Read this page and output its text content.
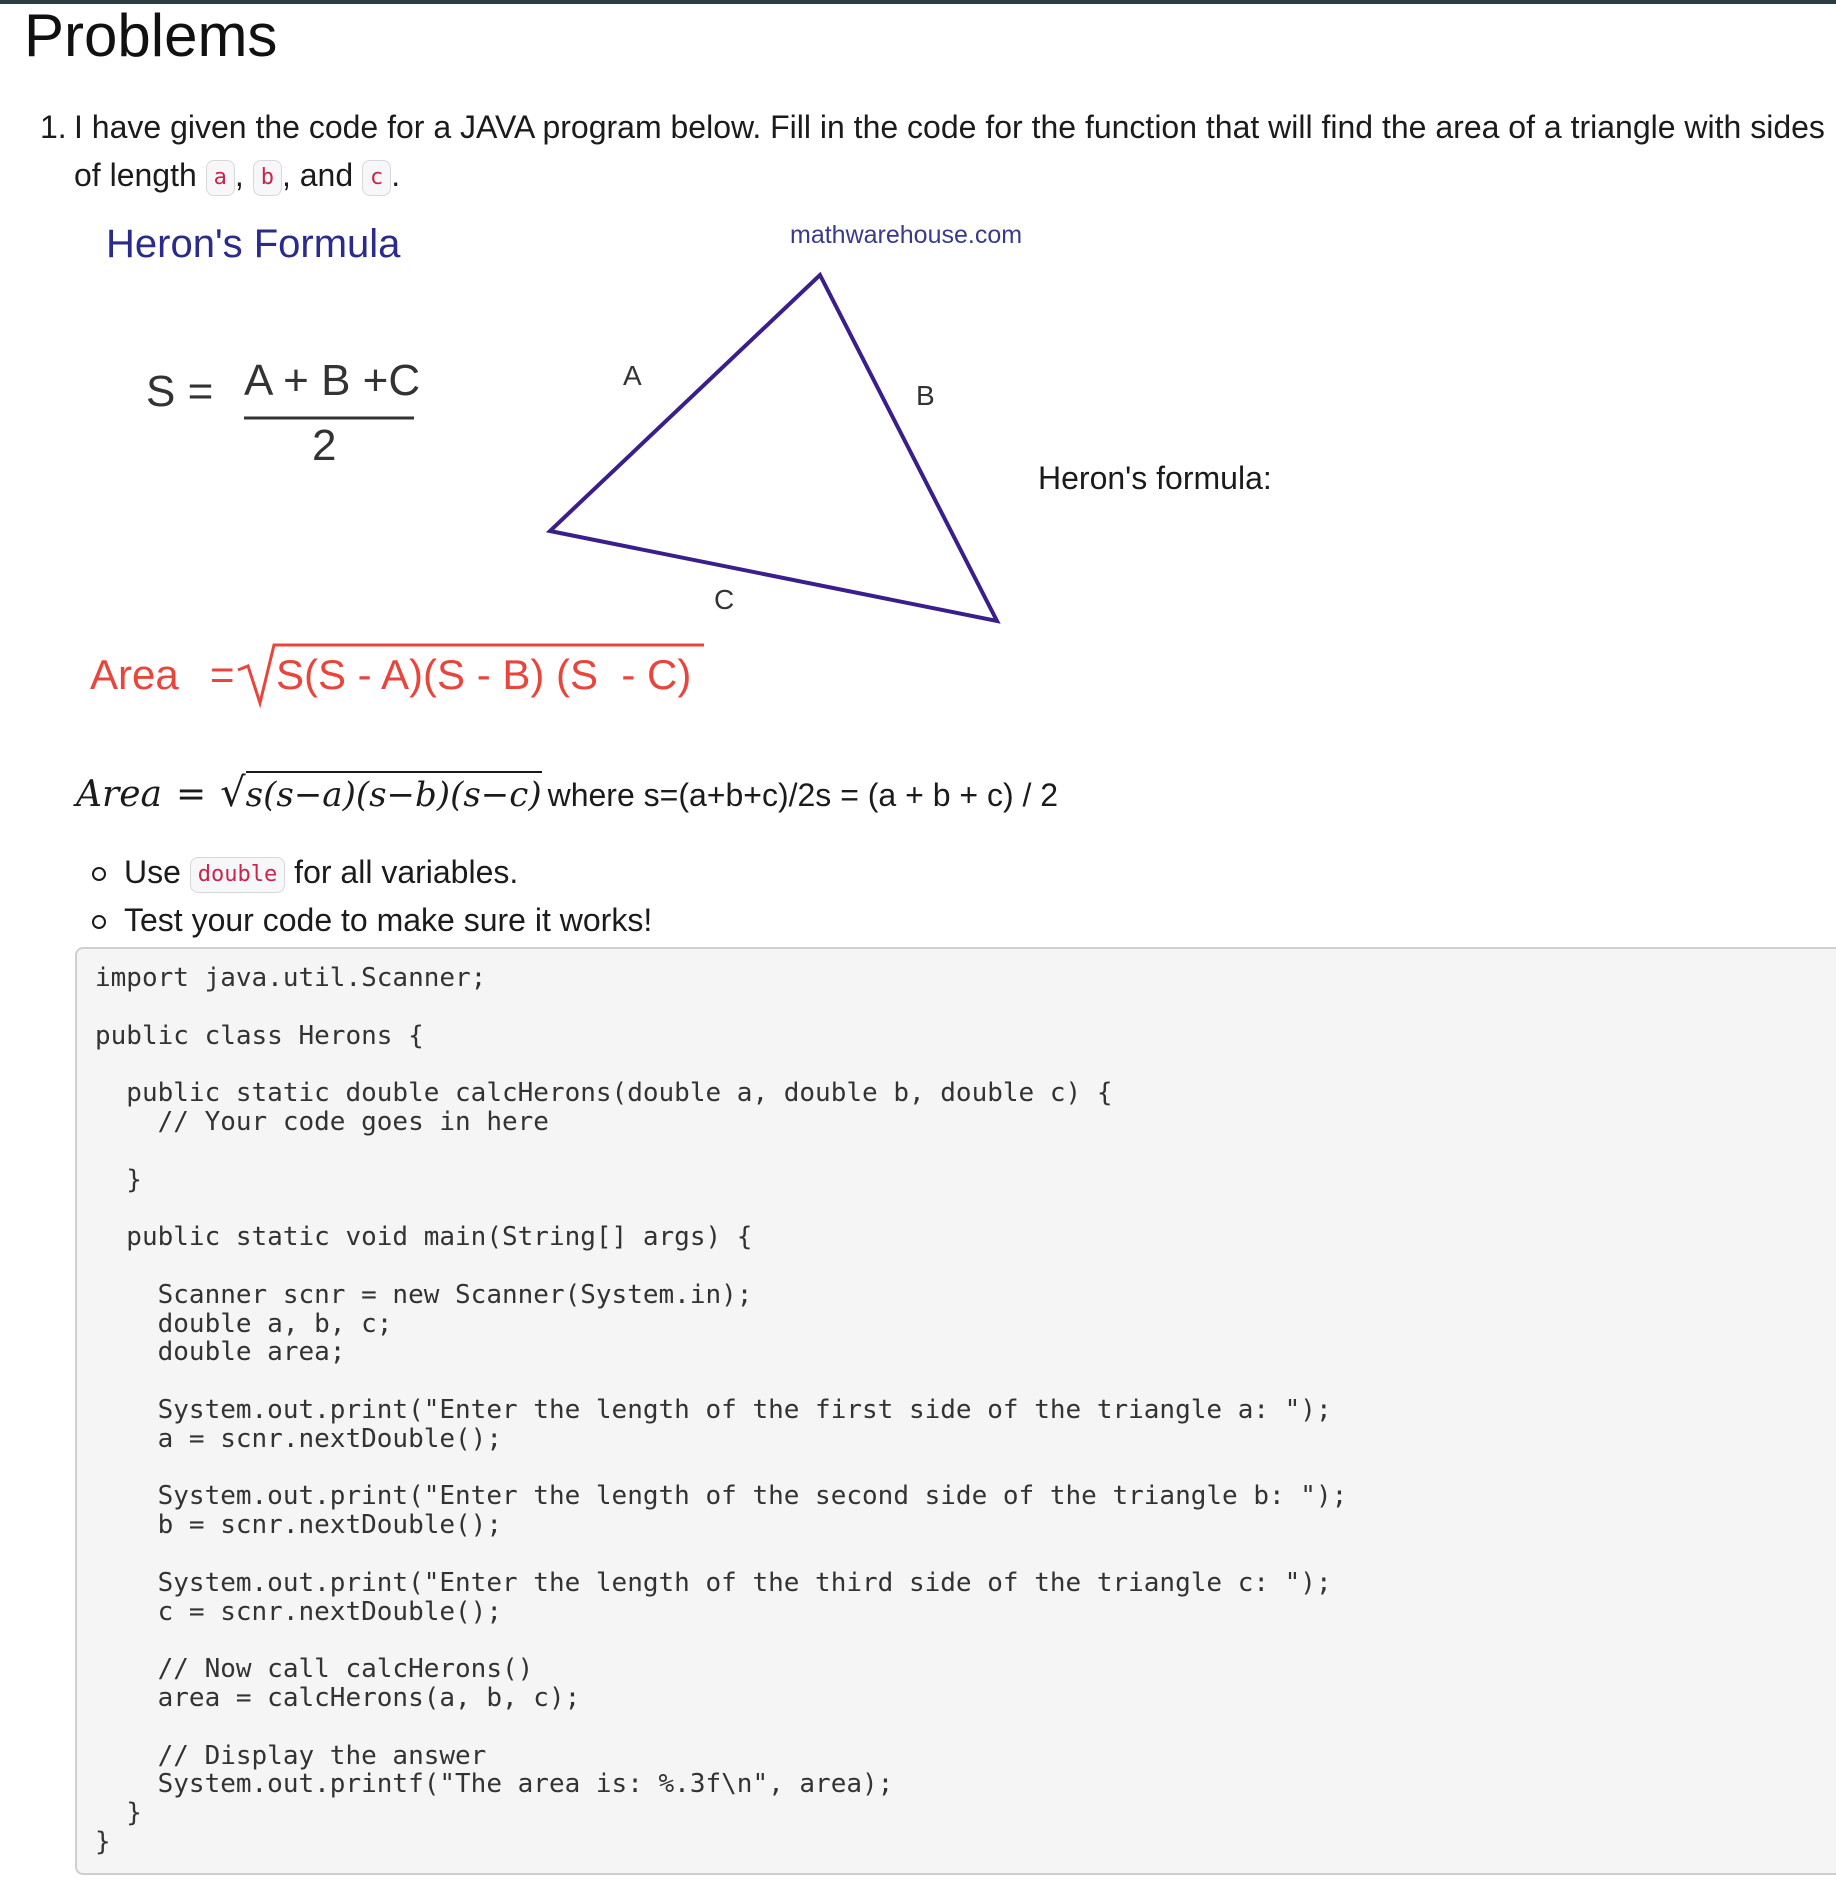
Problems
1. I have given the code for a JAVA program below. Fill in the code for the function that will find the area of a triangle with sides
of length a , b , and c .
Heron's Formula	mathwarehouse.com
S = A + B +C
2
A
B
C
Area = S(S - A)(S - B) (S  - C)
Heron's formula:
Area = √s(s−a)(s−b)(s−c) where s=(a+b+c)/2s = (a + b + c) / 2
Use double for all variables.
Test your code to make sure it works!
import java.util.Scanner;

public class Herons {

public static double calcHerons(double a, double b, double c) {
// Your code goes in here

}

public static void main(String[] args) {

Scanner scnr = new Scanner(System.in);
double a, b, c;
double area;

System.out.print("Enter the length of the first side of the triangle a: ");
a = scnr.nextDouble();

System.out.print("Enter the length of the second side of the triangle b: ");
b = scnr.nextDouble();

System.out.print("Enter the length of the third side of the triangle c: ");
c = scnr.nextDouble();

// Now call calcHerons()
area = calcHerons(a, b, c);

// Display the answer
System.out.printf("The area is: %.3f\n", area);
}
}
